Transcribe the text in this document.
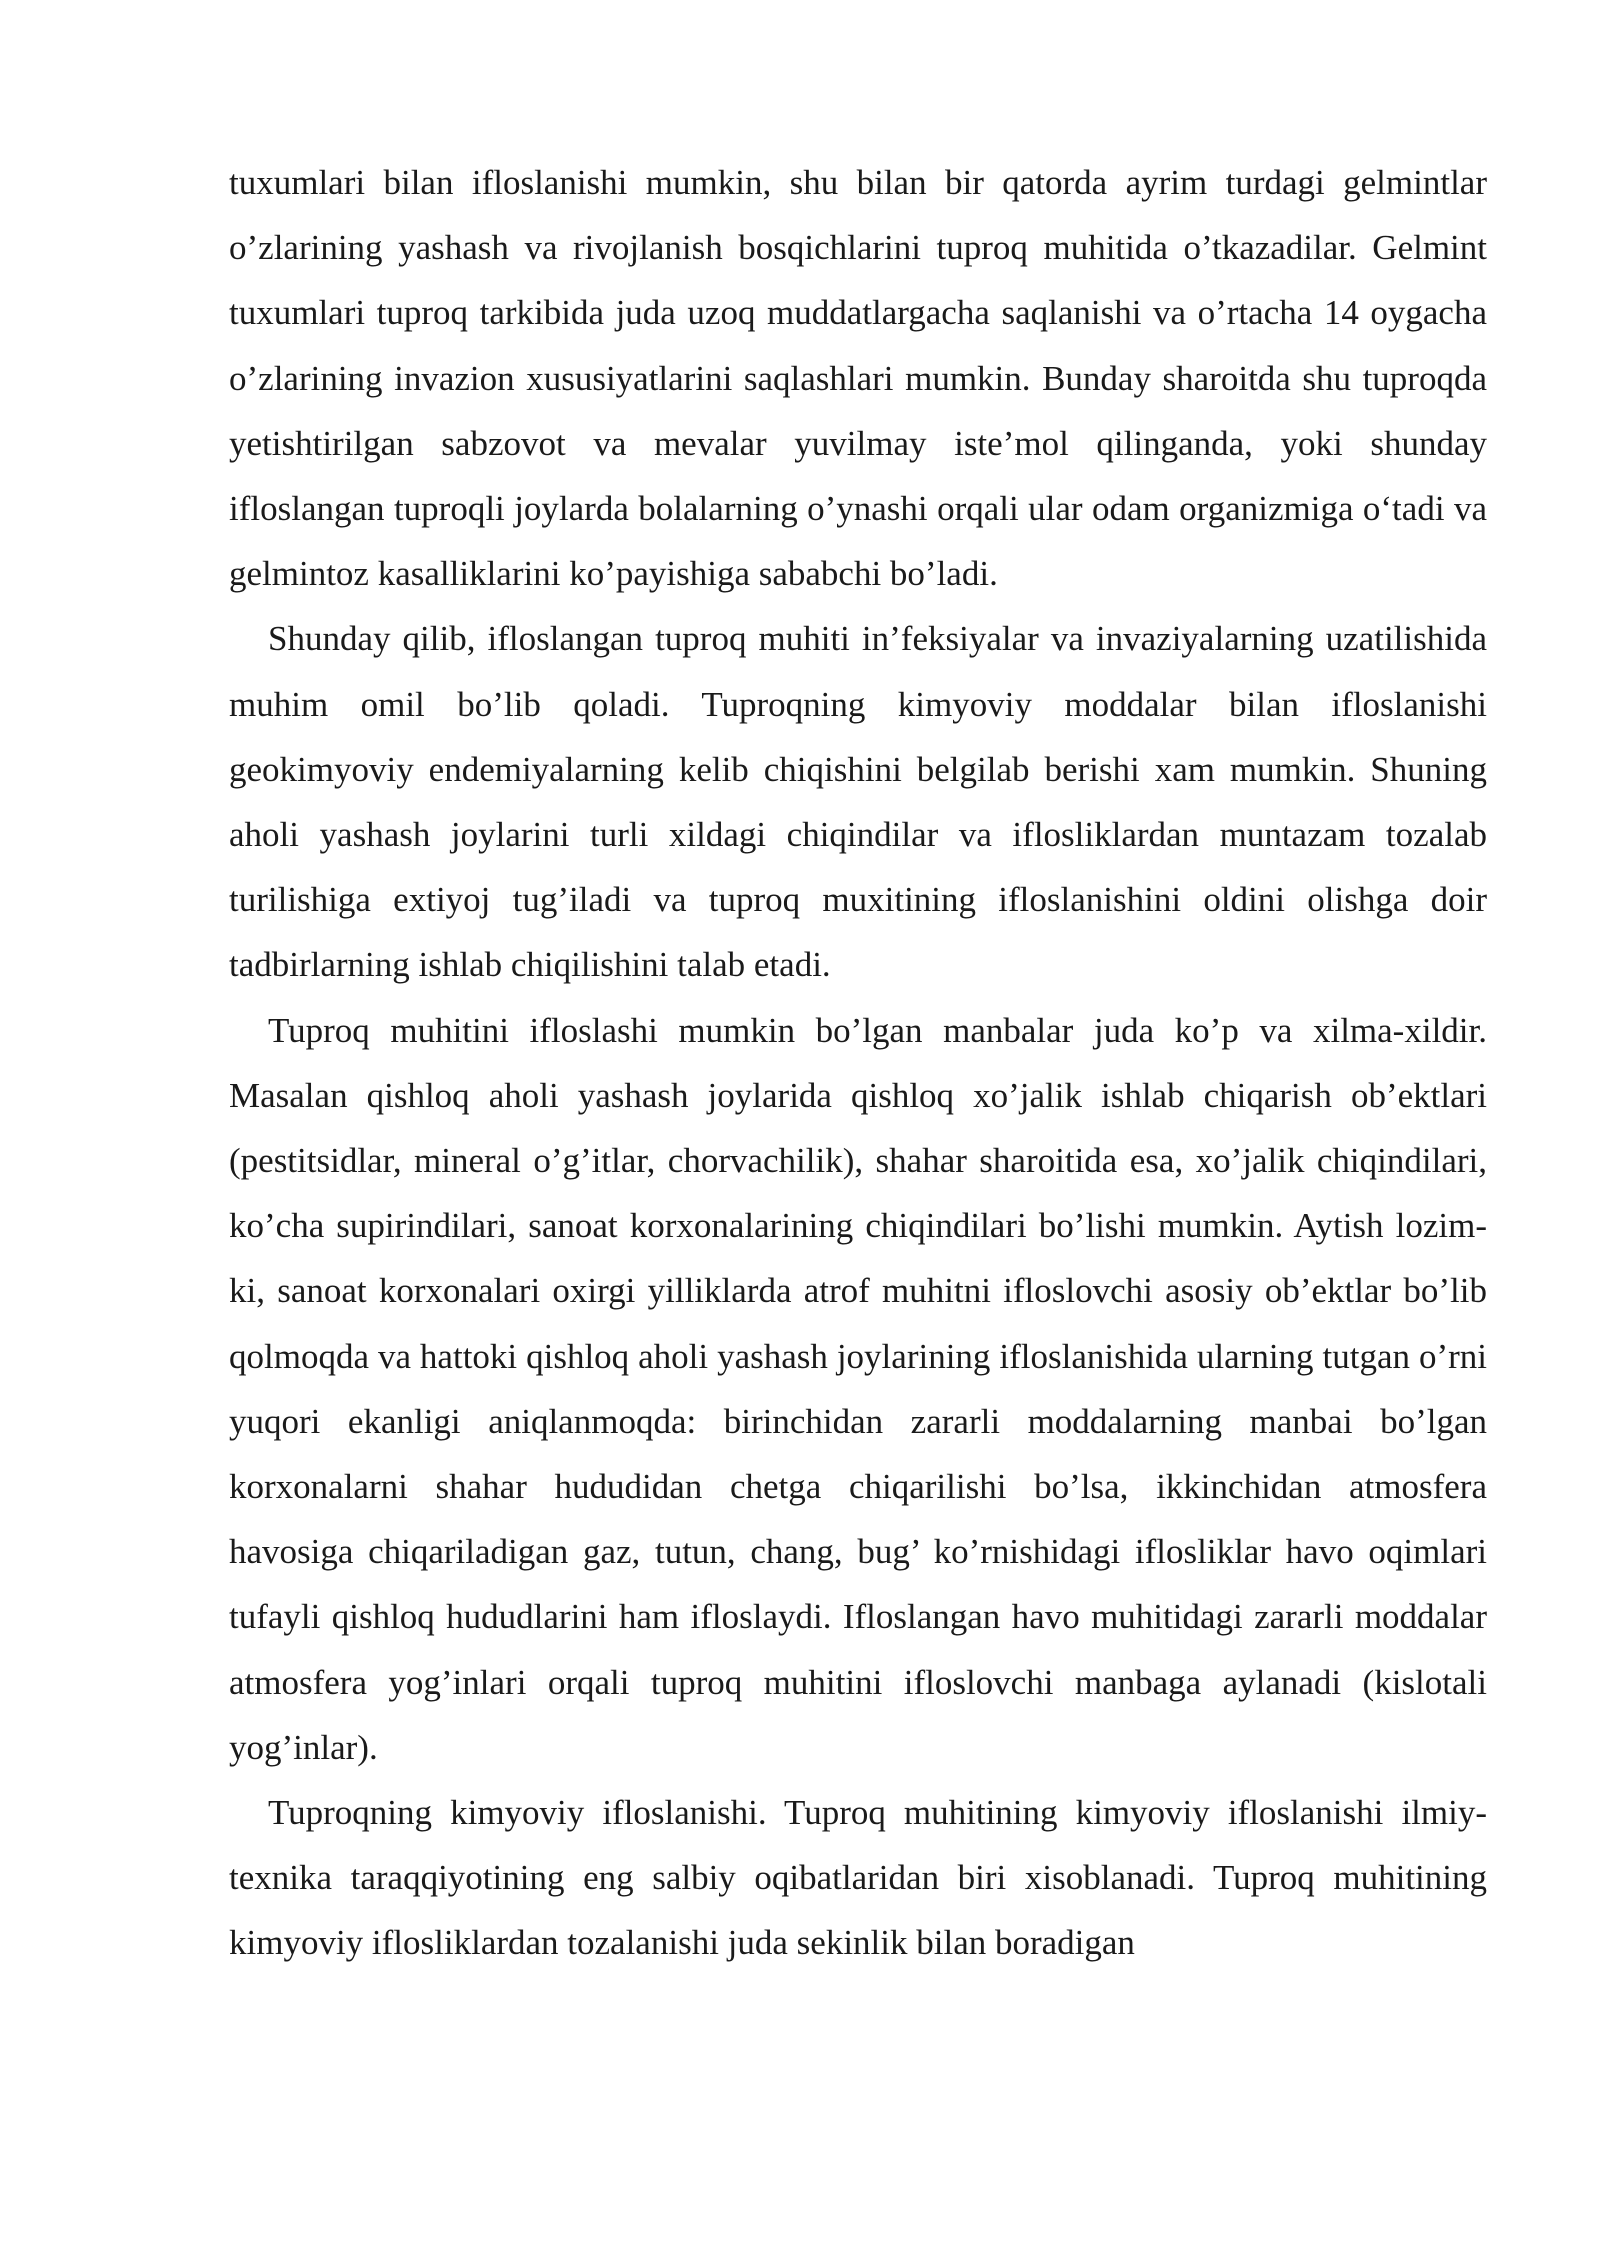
tuxumlari bilan ifloslanishi mumkin, shu bilan bir qatorda ayrim turdagi gelmintlar o’zlarining yashash va rivojlanish bosqichlarini tuproq muhitida o’tkazadilar. Gelmint tuxumlari tuproq tarkibida juda uzoq muddatlargacha saqlanishi va o’rtacha 14 oygacha o’zlarining invazion xususiyatlarini saqlashlari mumkin. Bunday sharoitda shu tuproqda yetishtirilgan sabzovot va mevalar yuvilmay iste’mol qilinganda, yoki shunday ifloslangan tuproqli joylarda bolalarning o’ynashi orqali ular odam organizmiga o‘tadi va gelmintoz kasalliklarini ko’payishiga sababchi bo’ladi.

Shunday qilib, ifloslangan tuproq muhiti in’feksiyalar va invaziyalarning uzatilishida muhim omil bo’lib qoladi. Tuproqning kimyoviy moddalar bilan ifloslanishi geokimyoviy endemiyalarning kelib chiqishini belgilab berishi xam mumkin. Shuning aholi yashash joylarini turli xildagi chiqindilar va iflosliklardan muntazam tozalab turilishiga extiyoj tug’iladi va tuproq muxitining ifloslanishini oldini olishga doir tadbirlarning ishlab chiqilishini talab etadi.

Tuproq muhitini ifloslashi mumkin bo’lgan manbalar juda ko’p va xilma-xildir. Masalan qishloq aholi yashash joylarida qishloq xo’jalik ishlab chiqarish ob’ektlari (pestitsidlar, mineral o’g’itlar, chorvachilik), shahar sharoitida esa, xo’jalik chiqindilari, ko’cha supirindilari, sanoat korxonalarining chiqindilari bo’lishi mumkin. Aytish lozim-ki, sanoat korxonalari oxirgi yilliklarda atrof muhitni ifloslovchi asosiy ob’ektlar bo’lib qolmoqda va hattoki qishloq aholi yashash joylarining ifloslanishida ularning tutgan o’rni yuqori ekanligi aniqlanmoqda: birinchidan zararli moddalarning manbai bo’lgan korxonalarni shahar hududidan chetga chiqarilishi bo’lsa, ikkinchidan atmosfera havosiga chiqariladigan gaz, tutun, chang, bug’ ko’rnishidagi iflosliklar havo oqimlari tufayli qishloq hududlarini ham ifloslaydi. Ifloslangan havo muhitidagi zararli moddalar atmosfera yog’inlari orqali tuproq muhitini ifloslovchi manbaga aylanadi (kislotali yog’inlar).

Tuproqning kimyoviy ifloslanishi. Tuproq muhitining kimyoviy ifloslanishi ilmiy-texnika taraqqiyotining eng salbiy oqibatlaridan biri xisoblanadi. Tuproq muhitining kimyoviy iflosliklardan tozalanishi juda sekinlik bilan boradigan
